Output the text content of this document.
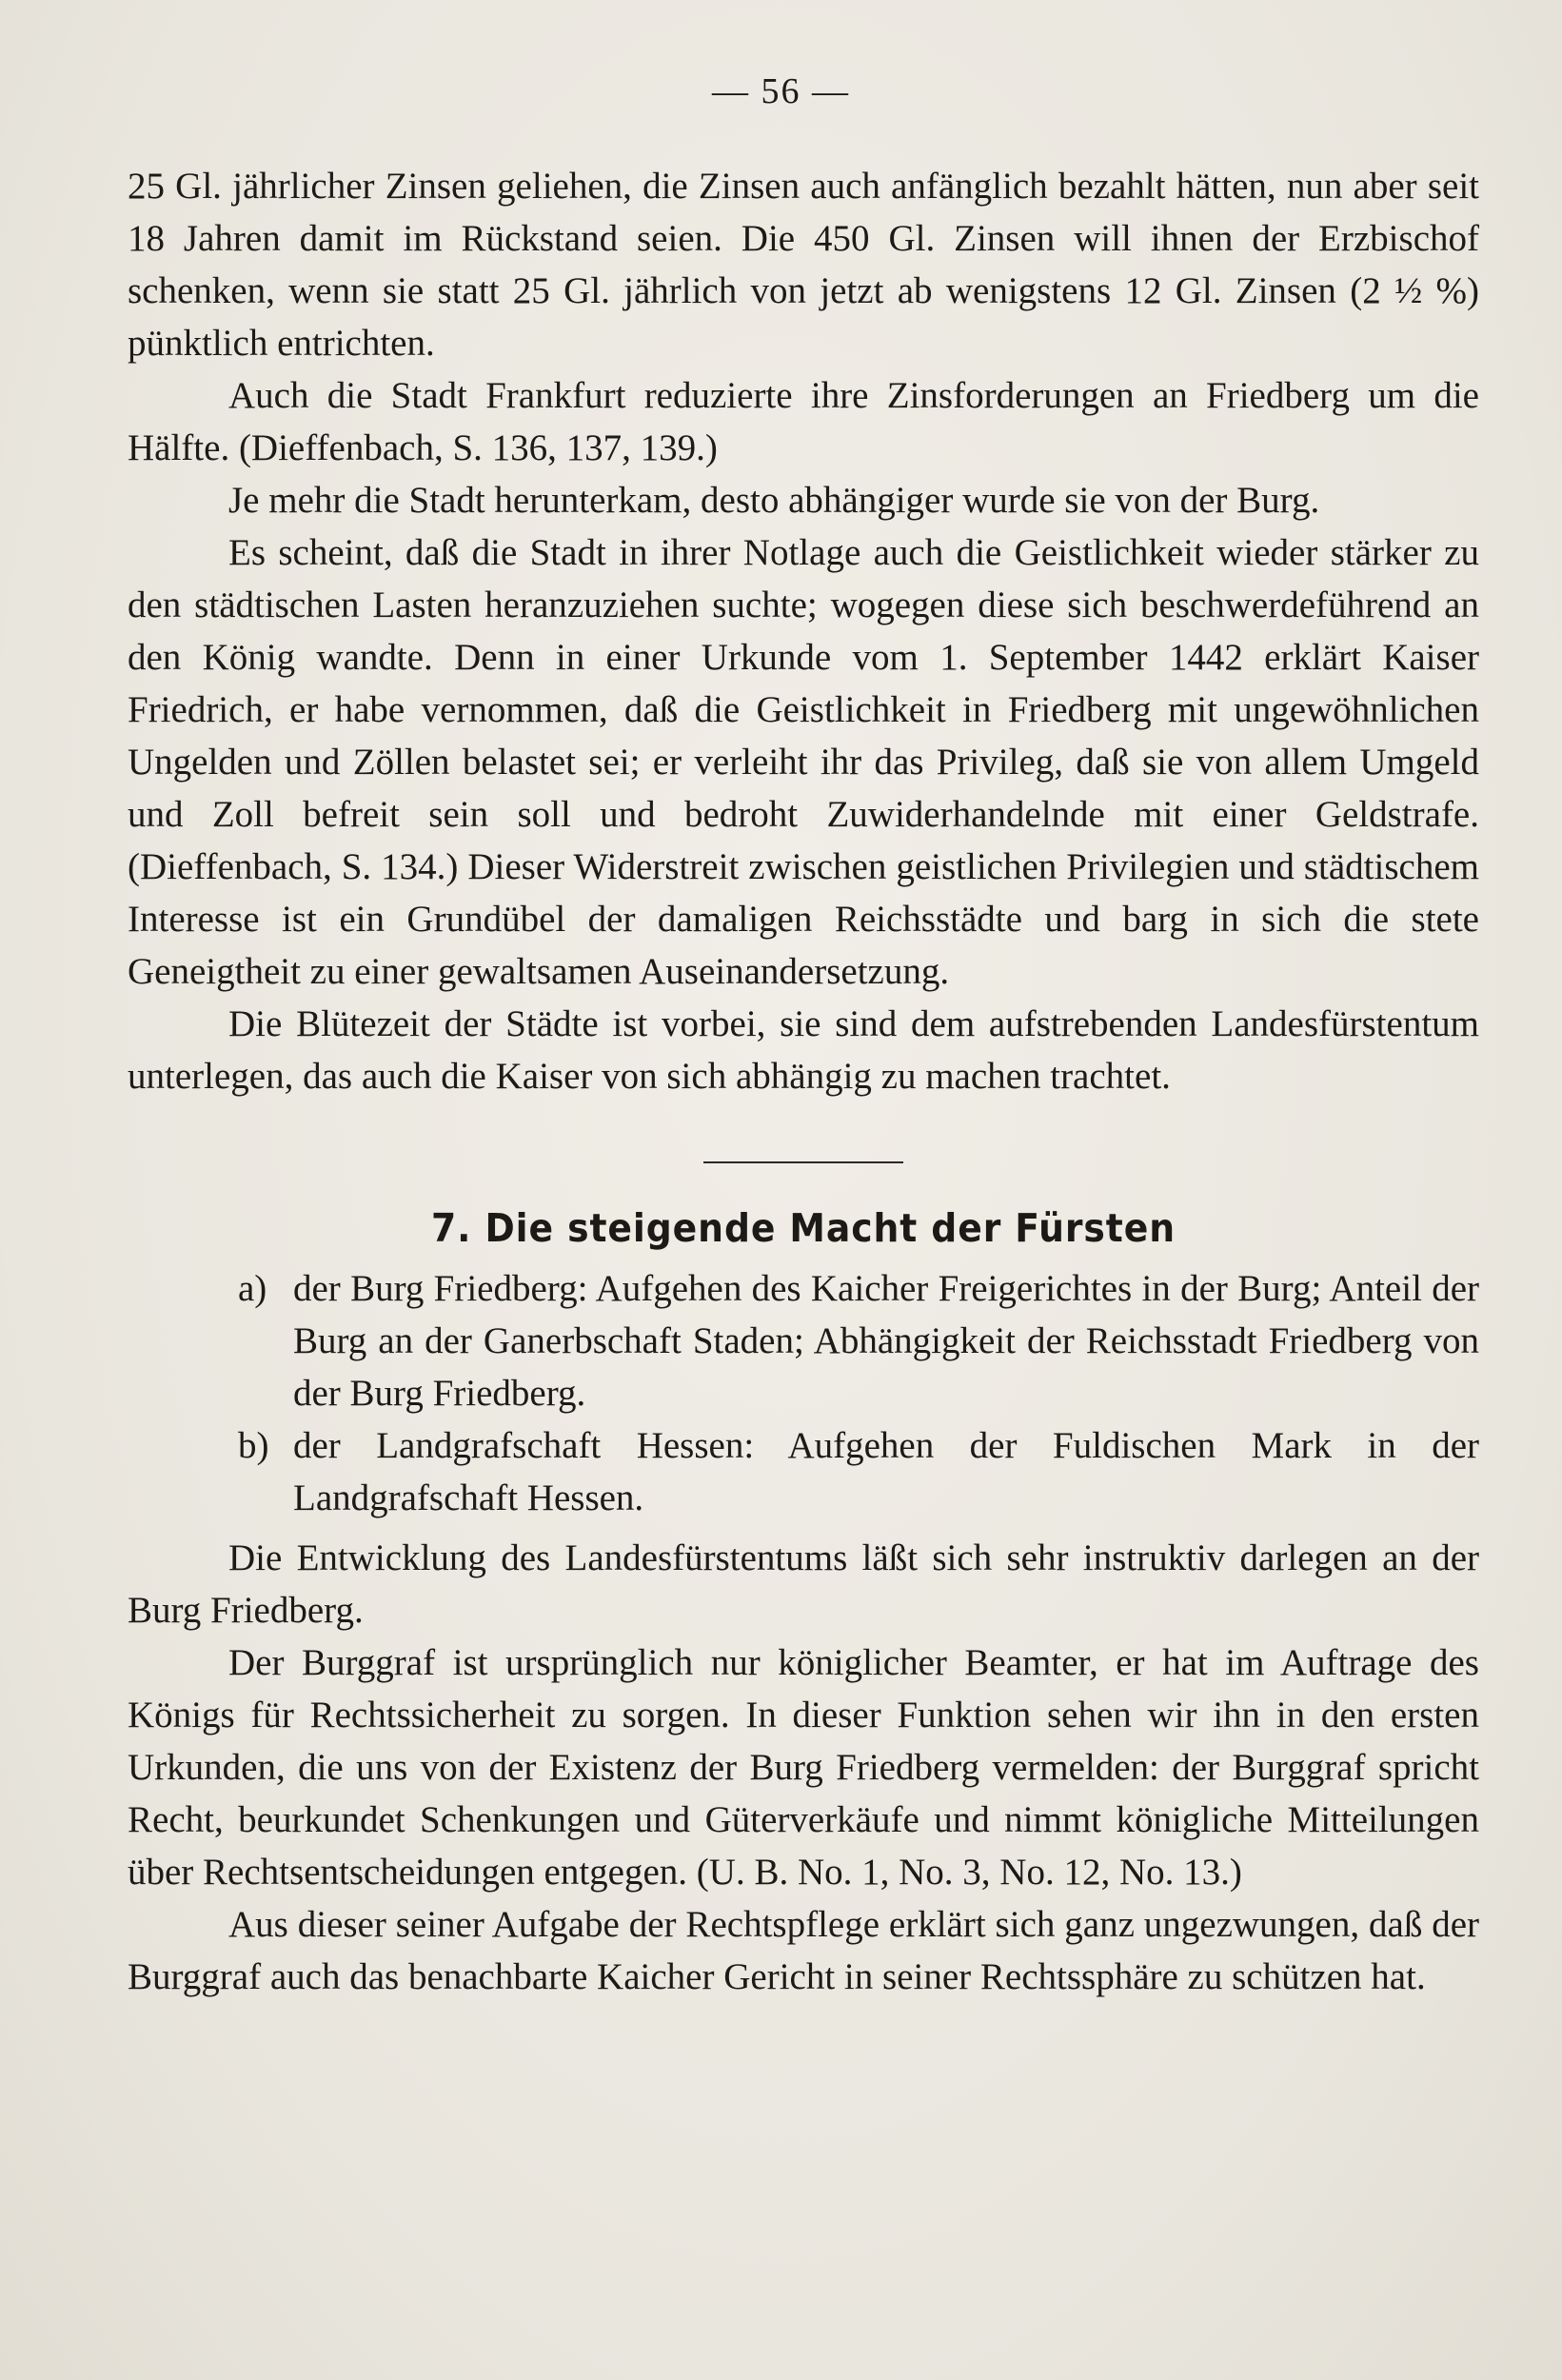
— 56 —

25 Gl. jährlicher Zinsen geliehen, die Zinsen auch anfänglich bezahlt hätten, nun aber seit 18 Jahren damit im Rückstand seien. Die 450 Gl. Zinsen will ihnen der Erzbischof schenken, wenn sie statt 25 Gl. jährlich von jetzt ab wenigstens 12 Gl. Zinsen (2 ½ %) pünktlich entrichten.

Auch die Stadt Frankfurt reduzierte ihre Zinsforderungen an Friedberg um die Hälfte. (Dieffenbach, S. 136, 137, 139.)

Je mehr die Stadt herunterkam, desto abhängiger wurde sie von der Burg.

Es scheint, daß die Stadt in ihrer Notlage auch die Geistlichkeit wieder stärker zu den städtischen Lasten heranzuziehen suchte; wogegen diese sich beschwerdeführend an den König wandte. Denn in einer Urkunde vom 1. September 1442 erklärt Kaiser Friedrich, er habe vernommen, daß die Geistlichkeit in Friedberg mit ungewöhnlichen Ungelden und Zöllen belastet sei; er verleiht ihr das Privileg, daß sie von allem Umgeld und Zoll befreit sein soll und bedroht Zuwiderhandelnde mit einer Geldstrafe. (Dieffenbach, S. 134.) Dieser Widerstreit zwischen geistlichen Privilegien und städtischem Interesse ist ein Grundübel der damaligen Reichsstädte und barg in sich die stete Geneigtheit zu einer gewaltsamen Auseinandersetzung.

Die Blütezeit der Städte ist vorbei, sie sind dem aufstrebenden Landesfürstentum unterlegen, das auch die Kaiser von sich abhängig zu machen trachtet.

7. Die steigende Macht der Fürsten
a) der Burg Friedberg: Aufgehen des Kaicher Freigerichtes in der Burg; Anteil der Burg an der Ganerbschaft Staden; Abhängigkeit der Reichsstadt Friedberg von der Burg Friedberg.
b) der Landgrafschaft Hessen: Aufgehen der Fuldischen Mark in der Landgrafschaft Hessen.

Die Entwicklung des Landesfürstentums läßt sich sehr instruktiv darlegen an der Burg Friedberg.

Der Burggraf ist ursprünglich nur königlicher Beamter, er hat im Auftrage des Königs für Rechtssicherheit zu sorgen. In dieser Funktion sehen wir ihn in den ersten Urkunden, die uns von der Existenz der Burg Friedberg vermelden: der Burggraf spricht Recht, beurkundet Schenkungen und Güterverkäufe und nimmt königliche Mitteilungen über Rechtsentscheidungen entgegen. (U. B. No. 1, No. 3, No. 12, No. 13.)

Aus dieser seiner Aufgabe der Rechtspflege erklärt sich ganz ungezwungen, daß der Burggraf auch das benachbarte Kaicher Gericht in seiner Rechtssphäre zu schützen hat.
